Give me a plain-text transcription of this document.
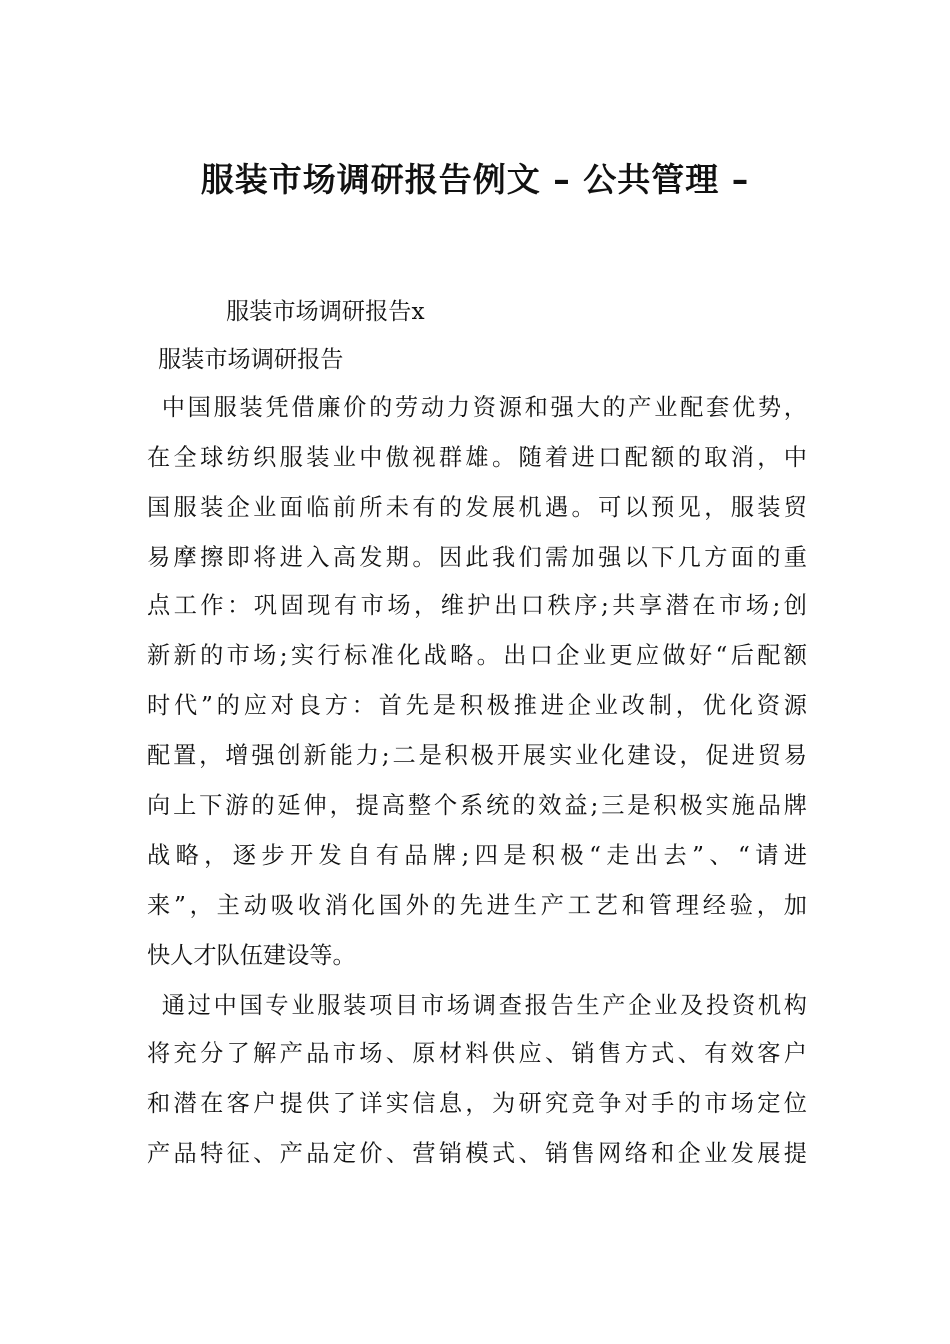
服装市场调研报告例文 – 公共管理 –
服装市场调研报告x
服装市场调研报告
中国服装凭借廉价的劳动力资源和强大的产业配套优势，
在全球纺织服装业中傲视群雄。随着进口配额的取消，中
国服装企业面临前所未有的发展机遇。可以预见，服装贸
易摩擦即将进入高发期。因此我们需加强以下几方面的重
点工作：巩固现有市场，维护出口秩序;共享潜在市场;创
新新的市场;实行标准化战略。出口企业更应做好“后配额
时代”的应对良方：首先是积极推进企业改制，优化资源
配置，增强创新能力;二是积极开展实业化建设，促进贸易
向上下游的延伸，提高整个系统的效益;三是积极实施品牌
战略，逐步开发自有品牌;四是积极“走出去”、“请进
来”，主动吸收消化国外的先进生产工艺和管理经验，加
快人才队伍建设等。
通过中国专业服装项目市场调查报告生产企业及投资机构
将充分了解产品市场、原材料供应、销售方式、有效客户
和潜在客户提供了详实信息，为研究竞争对手的市场定位
产品特征、产品定价、营销模式、销售网络和企业发展提
